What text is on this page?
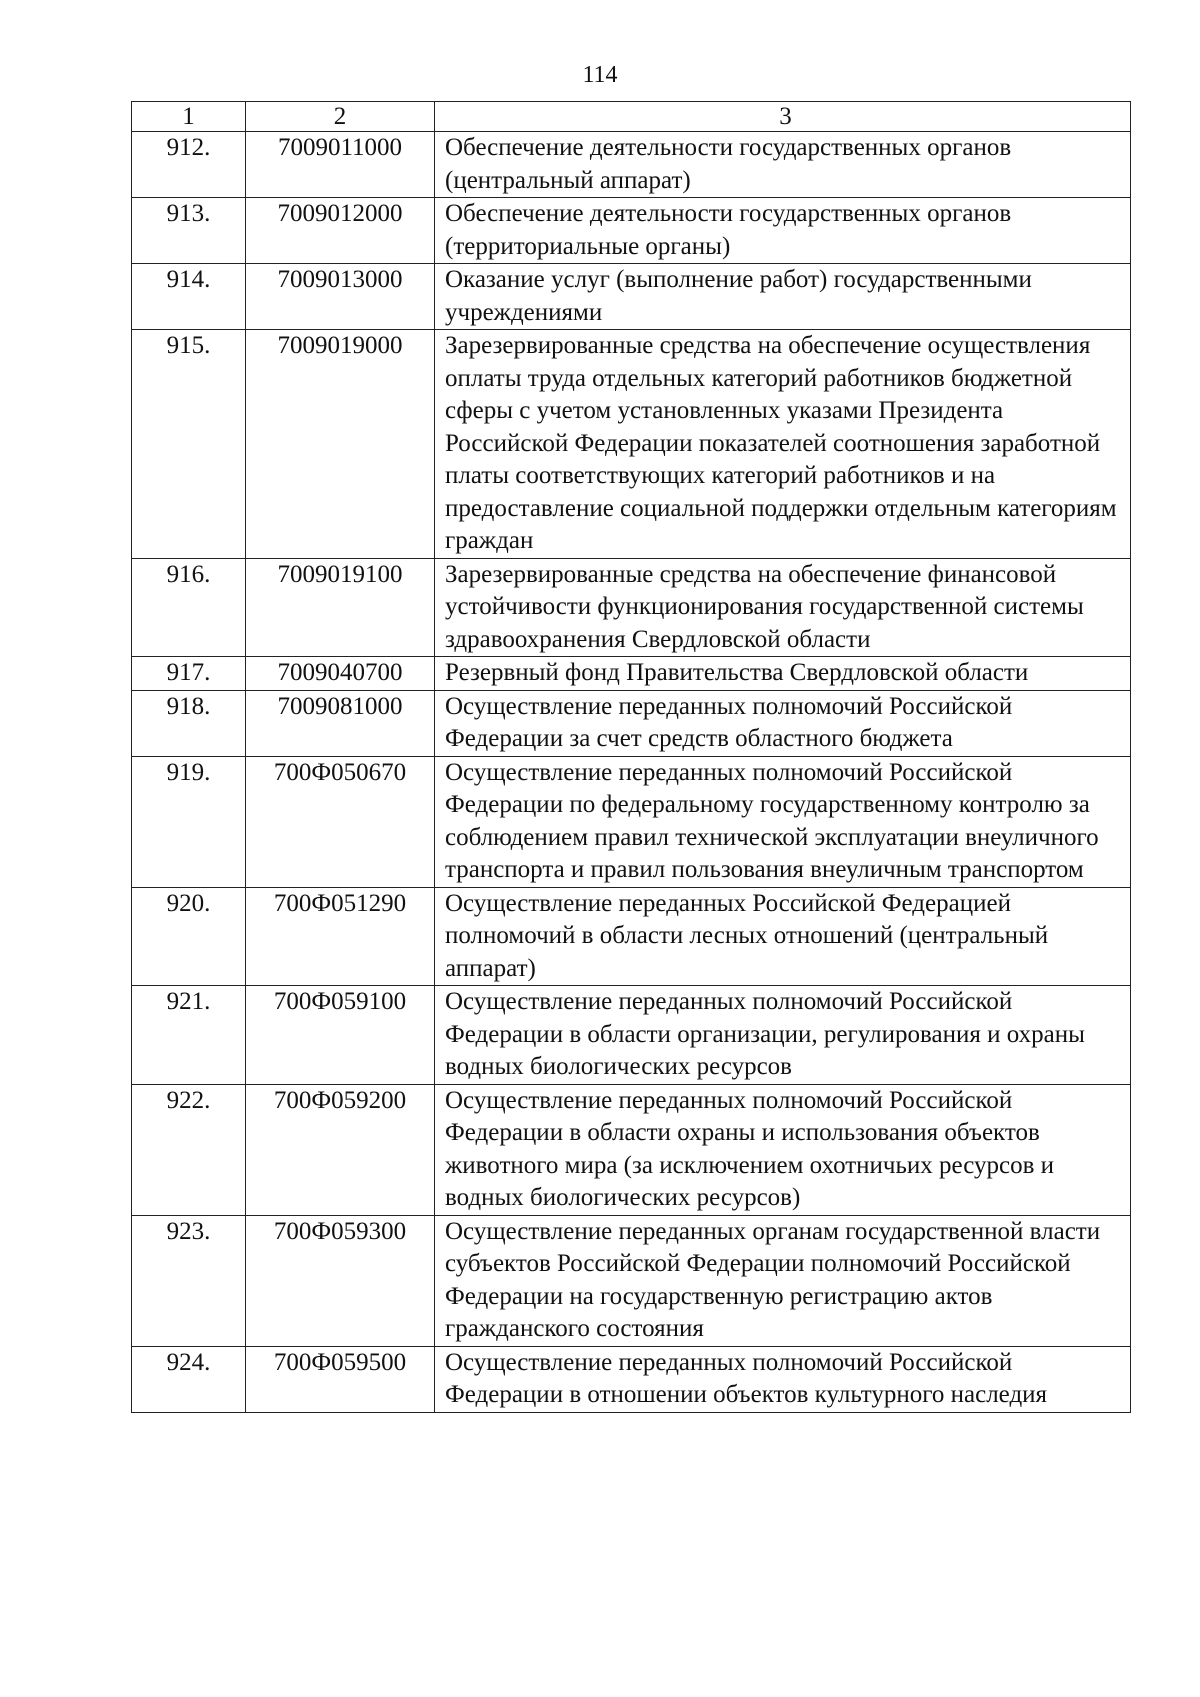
114
1	2	3
912.	7009011000	Обеспечение деятельности государственных органов (центральный аппарат)
913.	7009012000	Обеспечение деятельности государственных органов (территориальные органы)
914.	7009013000	Оказание услуг (выполнение работ) государственными учреждениями
915.	7009019000	Зарезервированные средства на обеспечение осуществления оплаты труда отдельных категорий работников бюджетной сферы с учетом установленных указами Президента Российской Федерации показателей соотношения заработной платы соответствующих категорий работников и на предоставление социальной поддержки отдельным категориям граждан
916.	7009019100	Зарезервированные средства на обеспечение финансовой устойчивости функционирования государственной системы здравоохранения Свердловской области
917.	7009040700	Резервный фонд Правительства Свердловской области
918.	7009081000	Осуществление переданных полномочий Российской Федерации за счет средств областного бюджета
919.	700Ф050670	Осуществление переданных полномочий Российской Федерации по федеральному государственному контролю за соблюдением правил технической эксплуатации внеуличного транспорта и правил пользования внеуличным транспортом
920.	700Ф051290	Осуществление переданных Российской Федерацией полномочий в области лесных отношений (центральный аппарат)
921.	700Ф059100	Осуществление переданных полномочий Российской Федерации в области организации, регулирования и охраны водных биологических ресурсов
922.	700Ф059200	Осуществление переданных полномочий Российской Федерации в области охраны и использования объектов животного мира (за исключением охотничьих ресурсов и водных биологических ресурсов)
923.	700Ф059300	Осуществление переданных органам государственной власти субъектов Российской Федерации полномочий Российской Федерации на государственную регистрацию актов гражданского состояния
924.	700Ф059500	Осуществление переданных полномочий Российской Федерации в отношении объектов культурного наследия
